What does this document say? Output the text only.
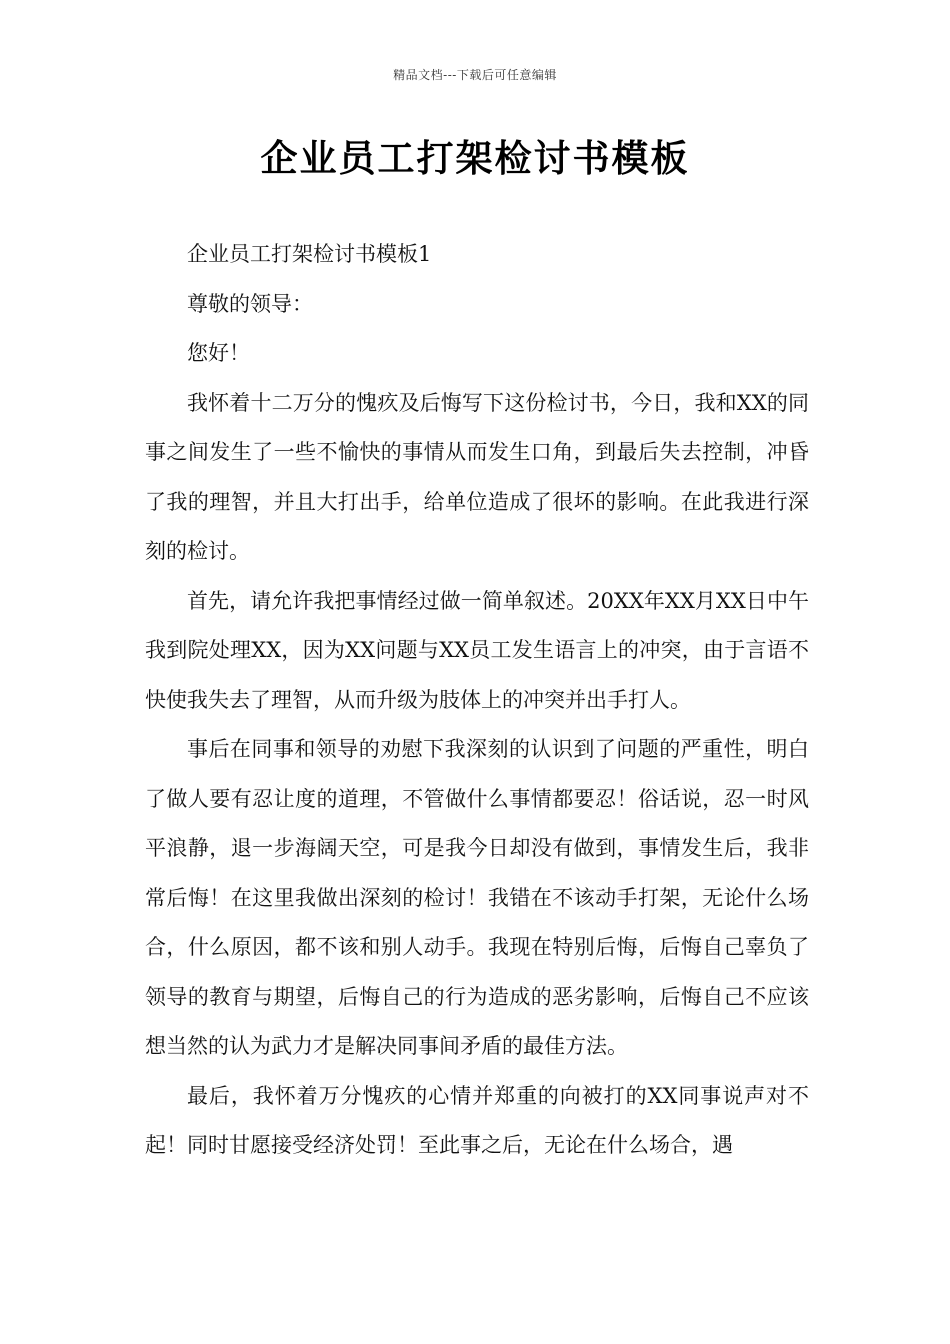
精品文档---下载后可任意编辑
企业员工打架检讨书模板

企业员工打架检讨书模板1

尊敬的领导：

您好！

我怀着十二万分的愧疚及后悔写下这份检讨书，今日，我和XX的同事之间发生了一些不愉快的事情从而发生口角，到最后失去控制，冲昏了我的理智，并且大打出手，给单位造成了很坏的影响。在此我进行深刻的检讨。

首先，请允许我把事情经过做一简单叙述。20XX年XX月XX日中午我到院处理XX，因为XX问题与XX员工发生语言上的冲突，由于言语不快使我失去了理智，从而升级为肢体上的冲突并出手打人。

事后在同事和领导的劝慰下我深刻的认识到了问题的严重性，明白了做人要有忍让度的道理，不管做什么事情都要忍！俗话说，忍一时风平浪静，退一步海阔天空，可是我今日却没有做到，事情发生后，我非常后悔！在这里我做出深刻的检讨！我错在不该动手打架，无论什么场合，什么原因，都不该和别人动手。我现在特别后悔，后悔自己辜负了领导的教育与期望，后悔自己的行为造成的恶劣影响，后悔自己不应该想当然的认为武力才是解决同事间矛盾的最佳方法。

最后，我怀着万分愧疚的心情并郑重的向被打的XX同事说声对不起！同时甘愿接受经济处罚！至此事之后，无论在什么场合，遇
